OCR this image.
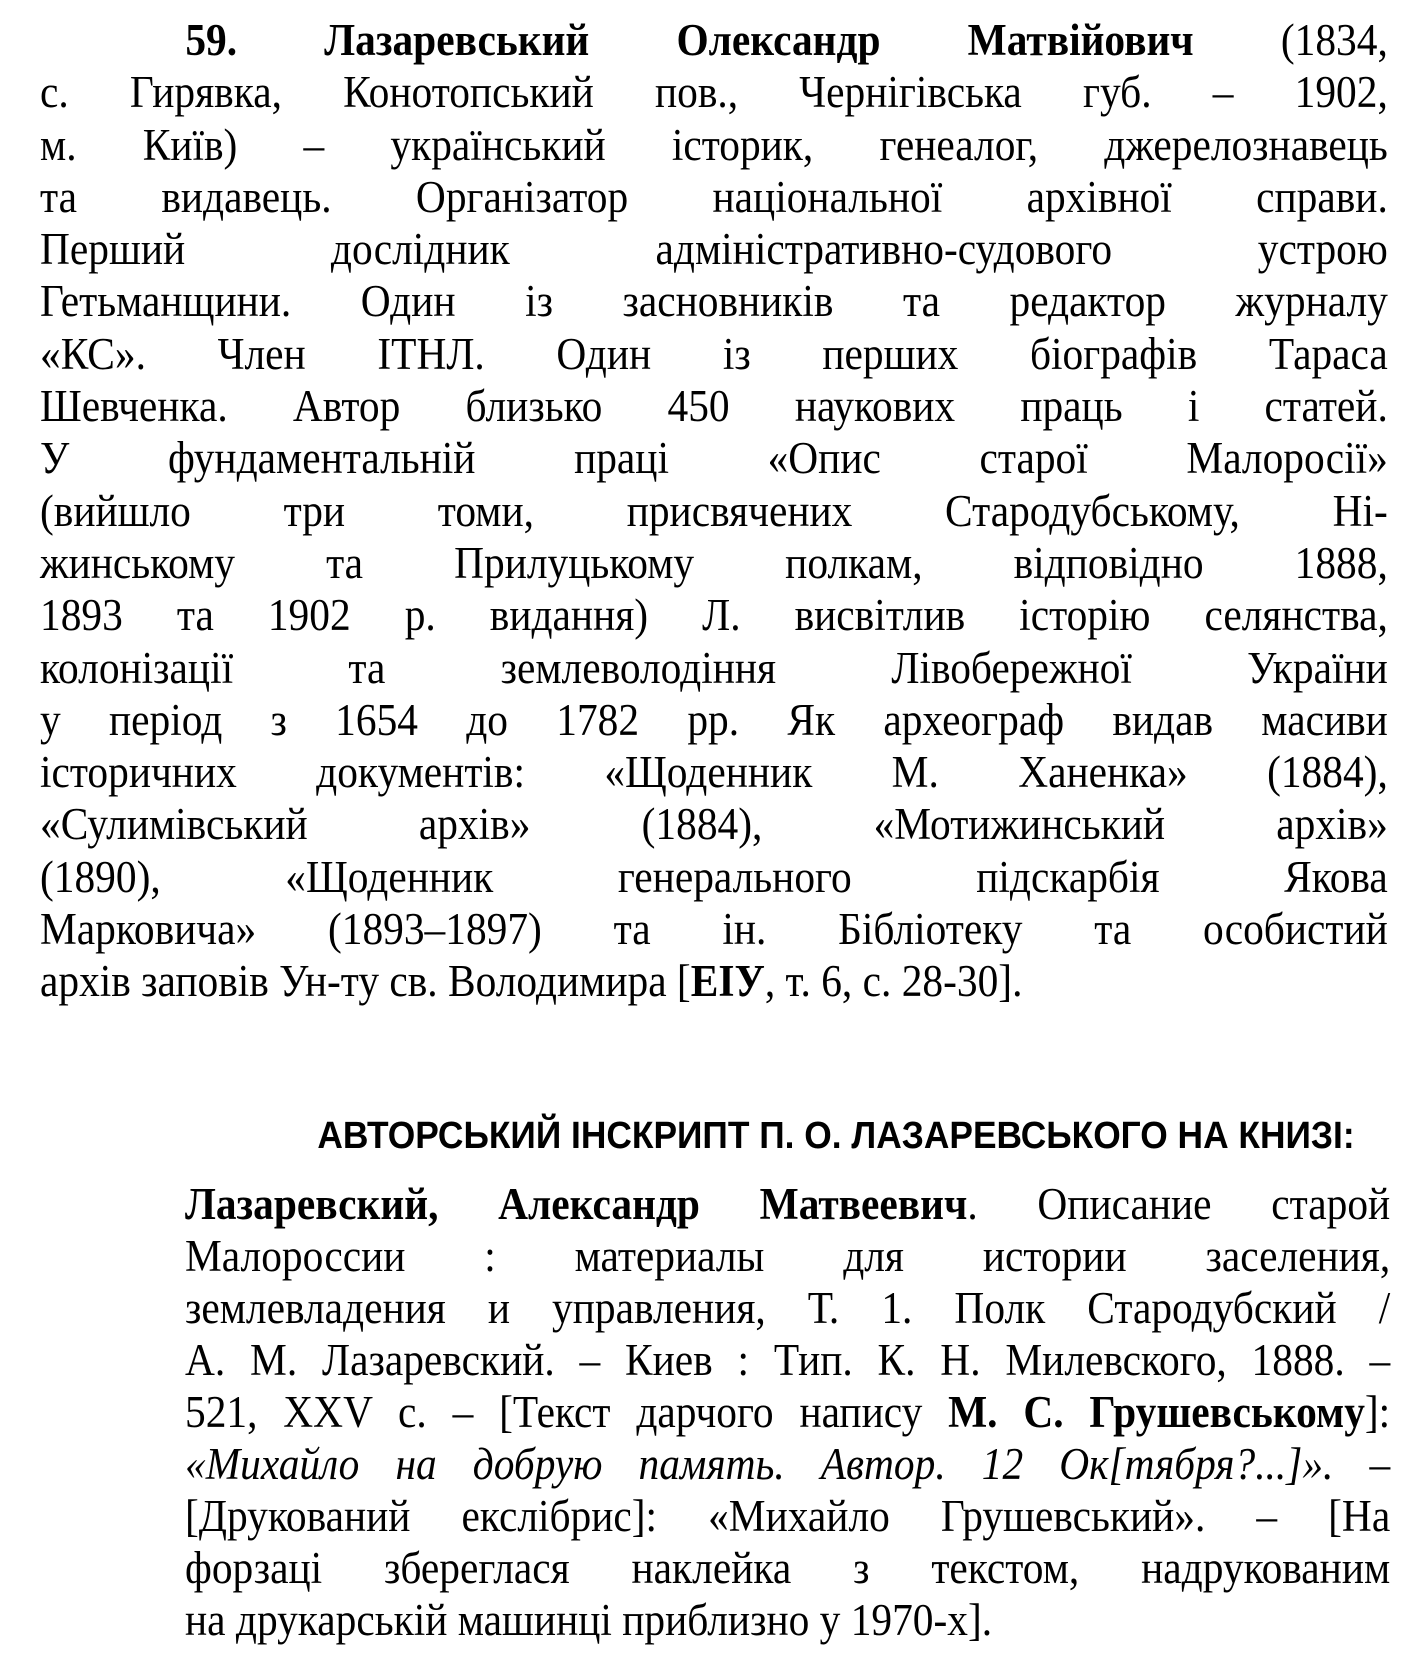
59. Лазаревський Олександр Матвійович (1834,
с. Гирявка, Конотопський пов., Чернігівська губ. – 1902,
м. Київ) – український історик, генеалог, джерелознавець
та видавець. Організатор національної архівної справи.
Перший дослідник адміністративно-судового устрою
Гетьманщини. Один із засновників та редактор журналу
«КС». Член ІТНЛ. Один із перших біографів Тараса
Шевченка. Автор близько 450 наукових праць і статей.
У фундаментальній праці «Опис старої Малоросії»
(вийшло три томи, присвячених Стародубському, Ні-
жинському та Прилуцькому полкам, відповідно 1888,
1893 та 1902 р. видання) Л. висвітлив історію селянства,
колонізації та землеволодіння Лівобережної України
у період з 1654 до 1782 рр. Як археограф видав масиви
історичних документів: «Щоденник М. Ханенка» (1884),
«Сулимівський архів» (1884), «Мотижинський архів»
(1890), «Щоденник генерального підскарбія Якова
Марковича» (1893–1897) та ін. Бібліотеку та особистий
архів заповів Ун-ту св. Володимира [ЕІУ, т. 6, с. 28-30].
АВТОРСЬКИЙ ІНСКРИПТ П. О. ЛАЗАРЕВСЬКОГО НА КНИЗІ:
Лазаревский, Александр Матвеевич. Описание старой
Малороссии : материалы для истории заселения,
землевладения и управления, Т. 1. Полк Стародубский /
А. М. Лазаревский. – Киев : Тип. К. Н. Милевского, 1888. –
521, XXV с. – [Текст дарчого напису М. С. Грушевському]:
«Михайло на добрую память. Автор. 12 Ок[тября?...]». –
[Друкований екслібрис]: «Михайло Грушевський». – [На
форзаці збереглася наклейка з текстом, надрукованим
на друкарській машинці приблизно у 1970-х].
